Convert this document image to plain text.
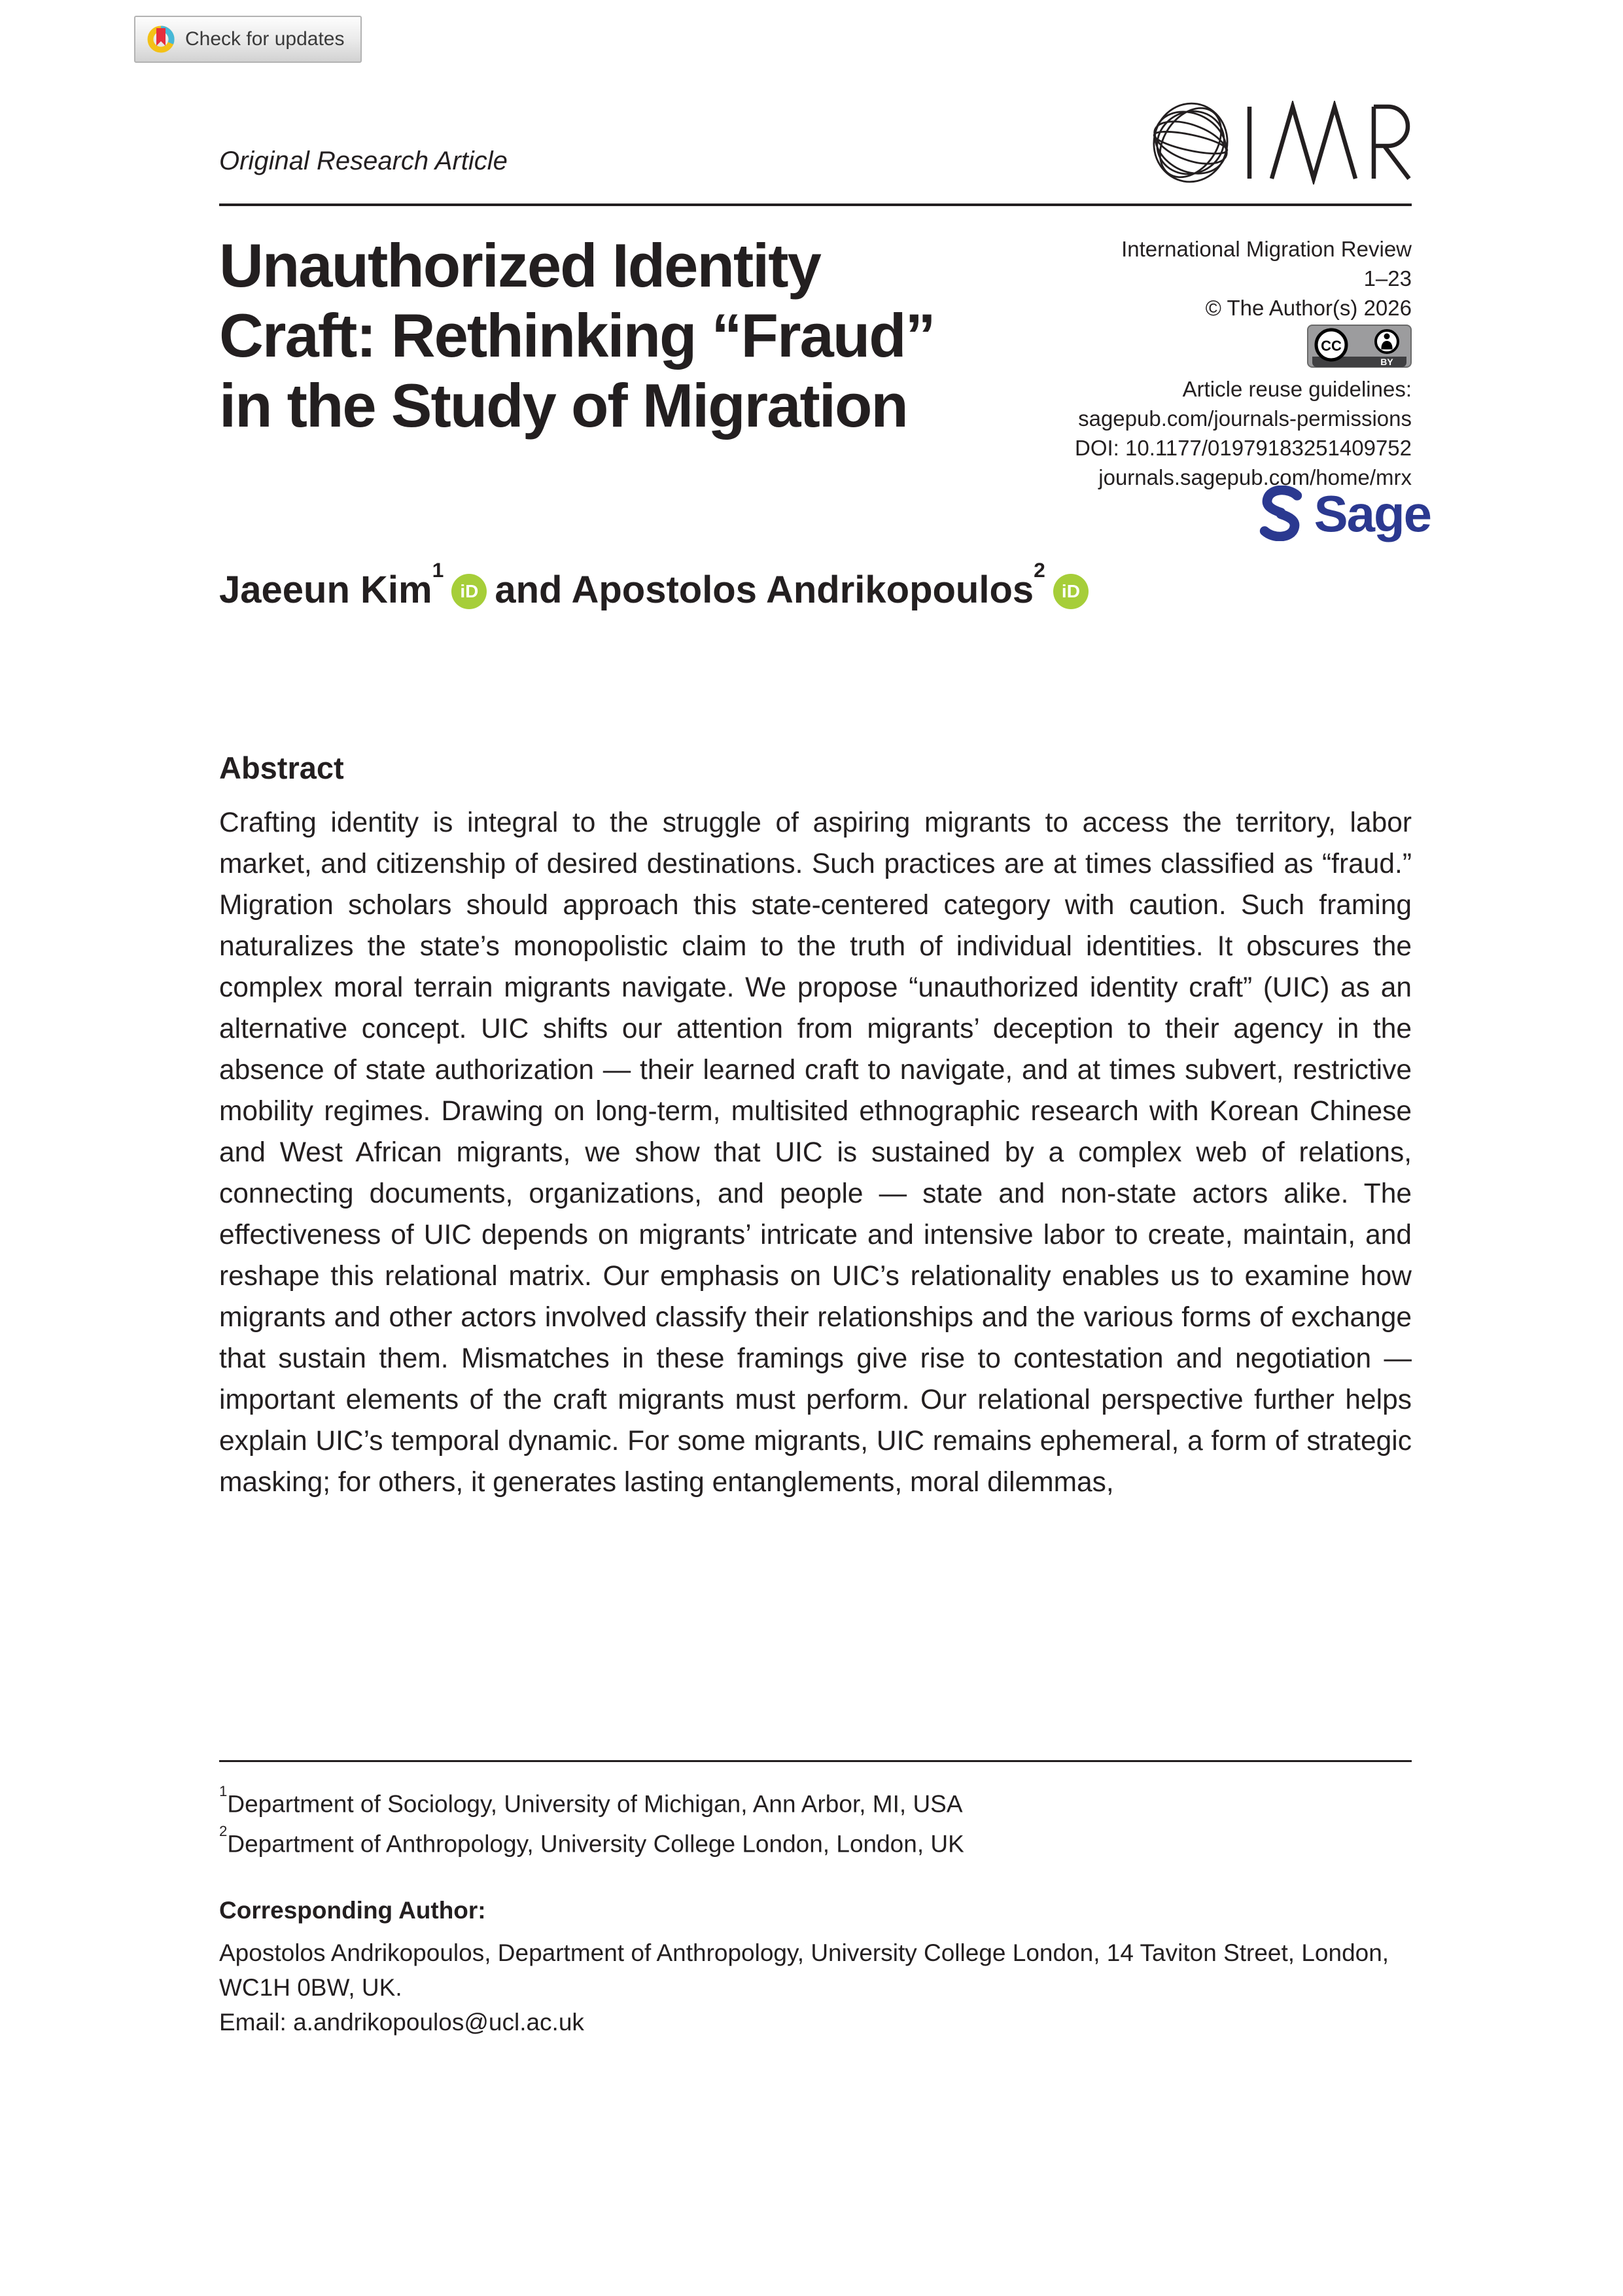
Check for updates
Original Research Article
International Migration Review
1–23
© The Author(s) 2026
CC
BY
Article reuse guidelines:
sagepub.com/journals-permissions
DOI: 10.1177/01979183251409752
journals.sagepub.com/home/mrx
Sage
Unauthorized Identity
Craft: Rethinking “Fraud”
in the Study of Migration
Jaeeun Kim$^1$
iD and Apostolos Andrikopoulos$^2$
iD
Abstract

Crafting identity is integral to the struggle of aspiring migrants to access the territory, labor market, and citizenship of desired destinations. Such practices are at times classified as “fraud.” Migration scholars should approach this state-centered category with caution. Such framing naturalizes the state’s monopolistic claim to the truth of individual identities. It obscures the complex moral terrain migrants navigate. We propose “unauthorized identity craft” (UIC) as an alternative concept. UIC shifts our attention from migrants’ deception to their agency in the absence of state authorization — their learned craft to navigate, and at times subvert, restrictive mobility regimes. Drawing on long-term, multisited ethnographic research with Korean Chinese and West African migrants, we show that UIC is sustained by a complex web of relations, connecting documents, organizations, and people — state and non-state actors alike. The effectiveness of UIC depends on migrants’ intricate and intensive labor to create, maintain, and reshape this relational matrix. Our emphasis on UIC’s relationality enables us to examine how migrants and other actors involved classify their relationships and the various forms of exchange that sustain them. Mismatches in these framings give rise to contestation and negotiation — important elements of the craft migrants must perform. Our relational perspective further helps explain UIC’s temporal dynamic. For some migrants, UIC remains ephemeral, a form of strategic masking; for others, it generates lasting entanglements, moral dilemmas,

$^1$Department of Sociology, University of Michigan, Ann Arbor, MI, USA
$^2$Department of Anthropology, University College London, London, UK
Corresponding Author:
Apostolos Andrikopoulos, Department of Anthropology, University College London, 14 Taviton Street, London, WC1H 0BW, UK.
Email: a.andrikopoulos@ucl.ac.uk
